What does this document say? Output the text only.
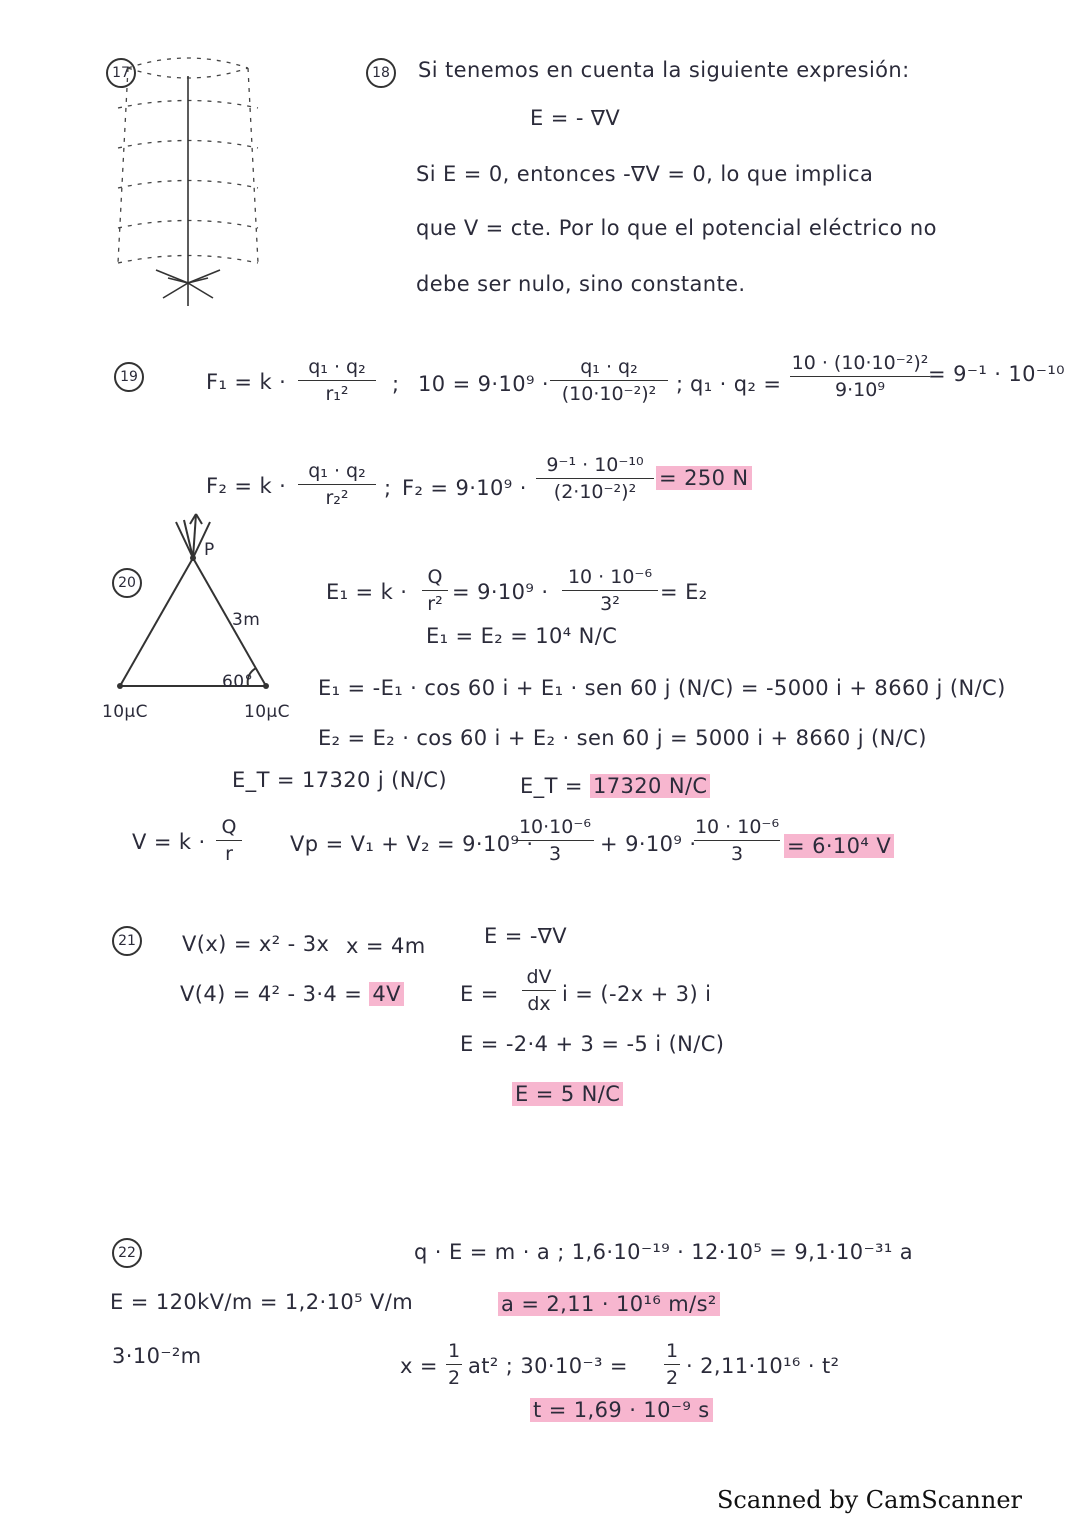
17	18 Si tenemos en cuenta la siguiente expresión:
E = - ∇V
Si E = 0, entonces -∇V = 0, lo que implica
que V = cte. Por lo que el potencial eléctrico no
debe ser nulo, sino constante.
19	F₁ = k ·
q₁ · q₂
r₁²	; 10 = 9·10⁹ ·
q₁ · q₂
(10·10⁻²)² ; q₁ · q₂ =
10 · (10·10⁻²)²
9·10⁹
= 9⁻¹ · 10⁻¹⁰
F₂ = k ·
q₁ · q₂
r₂²	; F₂ = 9·10⁹ ·
9⁻¹ · 10⁻¹⁰
(2·10⁻²)²
= 250 N
20
P
3m
60°
10μC	10μC
E₁ = k ·
Q
r² = 9·10⁹ ·
10 · 10⁻⁶
3²	= E₂
E₁ = E₂ = 10⁴ N/C
E₁ = -E₁ · cos 60 i + E₁ · sen 60 j (N/C) = -5000 i + 8660 j (N/C)
E₂ = E₂ · cos 60 i + E₂ · sen 60 j = 5000 i + 8660 j (N/C)
E_T = 17320 j (N/C)	E_T = 17320 N/C
V = k ·
Q
r	Vp = V₁ + V₂ = 9·10⁹ ·
10·10⁻⁶
3	+ 9·10⁹ ·
10 · 10⁻⁶
3	= 6·10⁴ V
21 V(x) = x² - 3x x = 4m
V(4) = 4² - 3·4 = 4V
E = -∇V
E =
dV
dx i = (-2x + 3) i
E = -2·4 + 3 = -5 i (N/C)
E = 5 N/C
22	q · E = m · a ; 1,6·10⁻¹⁹ · 12·10⁵ = 9,1·10⁻³¹ a
E = 120kV/m = 1,2·10⁵ V/m	a = 2,11 · 10¹⁶ m/s²
3·10⁻²m	x =
1
2 at² ; 30·10⁻³ =
1
2 · 2,11·10¹⁶ · t²
t = 1,69 · 10⁻⁹ s
Scanned by CamScanner
